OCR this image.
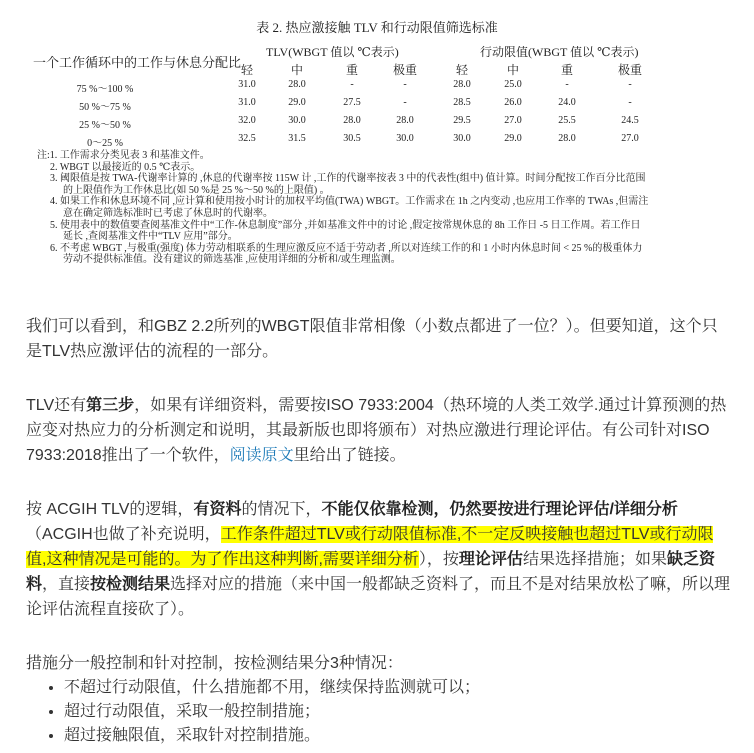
表 2. 热应激接触 TLV 和行动限值筛选标准
一个工作循环中的工作与休息分配比
TLV(WBGT 值以 ℃表示)	行动限值(WBGT 值以 ℃表示)
轻	中	重	极重	轻	中	重	极重
75 %～100 %	31.0	28.0	-	-	28.0	25.0	-	-
50 %～75 %	31.0	29.0	27.5	-	28.5	26.0	24.0	-
25 %～50 %	32.0	30.0	28.0	28.0	29.5	27.0	25.5	24.5
0～25 %	32.5	31.5	30.5	30.0	30.0	29.0	28.0	27.0
注:1. 工作需求分类见表 3 和基准文件。
2. WBGT 以最接近的 0.5 ℃表示。
3. 阈限值是按 TWA-代谢率计算的 ,休息的代谢率按 115W 计 ,工作的代谢率按表 3 中的代表性(组中) 值计算。时间分配按工作百分比范围
的上限值作为工作休息比(如 50 %是 25 %～50 %的上限值) 。
4. 如果工作和休息环境不同 ,应计算和使用按小时计的加权平均值(TWA) WBGT。工作需求在 1h 之内变动 ,也应用工作率的 TWAs ,但需注
意在确定筛选标准时已考虑了休息时的代谢率。
5. 使用表中的数值要查阅基准文件中“工作-休息制度”部分 ,并如基准文件中的讨论 ,假定按常规休息的 8h 工作日 -5 日工作周。若工作日
延长 ,查阅基准文件中“TLV 应用”部分。
6. 不考虑 WBGT ,与极重(强度) 体力劳动相联系的生理应激反应不适于劳动者 ,所以对连续工作的和 1 小时内休息时间 < 25 %的极重体力
劳动不提供标准值。没有建议的筛选基准 ,应使用详细的分析和/或生理监测。

我们可以看到，和GBZ 2.2所列的WBGT限值非常相像（小数点都进了一位？）。但要知道，这个只是TLV热应激评估的流程的一部分。

TLV还有第三步，如果有详细资料，需要按ISO 7933:2004（热环境的人类工效学.通过计算预测的热应变对热应力的分析测定和说明，其最新版也即将颁布）对热应激进行理论评估。有公司针对ISO 7933:2018推出了一个软件，阅读原文里给出了链接。

按 ACGIH TLV的逻辑，有资料的情况下，不能仅依靠检测，仍然要按进行理论评估/详细分析（ACGIH也做了补充说明，工作条件超过TLV或行动限值标准,不一定反映接触也超过TLV或行动限值,这种情况是可能的。为了作出这种判断,需要详细分析），按理论评估结果选择措施；如果缺乏资料，直接按检测结果选择对应的措施（来中国一般都缺乏资料了，而且不是对结果放松了嘛，所以理论评估流程直接砍了）。

措施分一般控制和针对控制，按检测结果分3种情况：
• 不超过行动限值，什么措施都不用，继续保持监测就可以；
• 超过行动限值，采取一般控制措施；
• 超过接触限值，采取针对控制措施。
